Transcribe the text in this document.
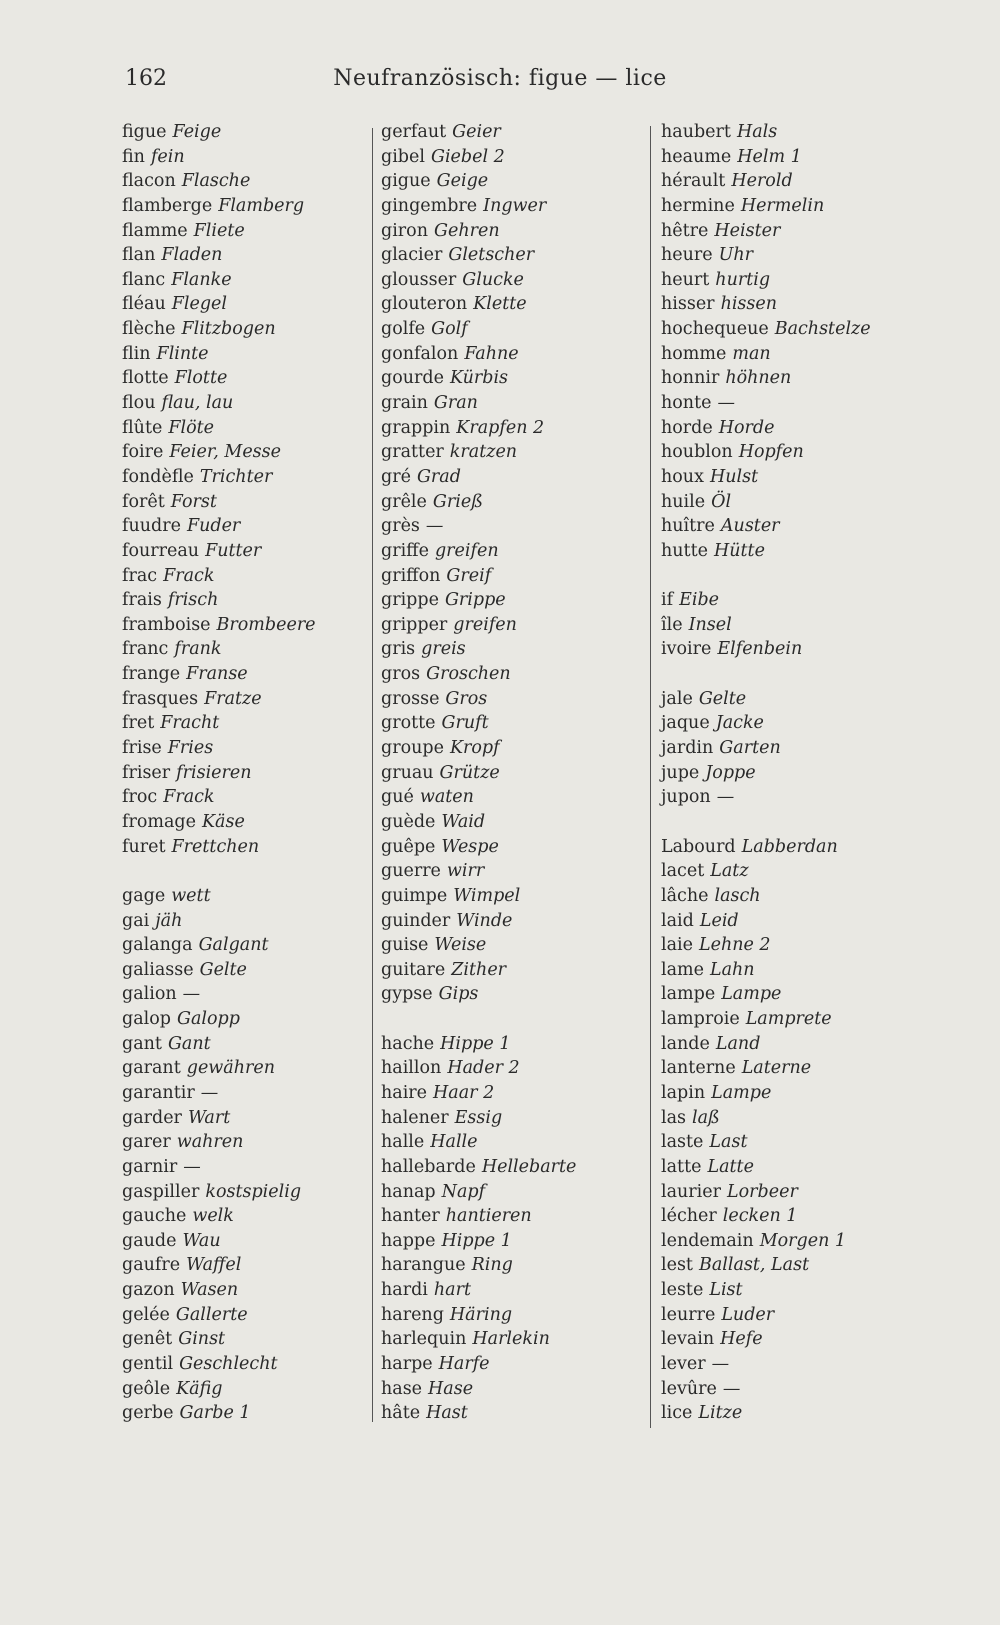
162	Neufranzösisch: figue — lice
figue Feige
fin fein
flacon Flasche
flamberge Flamberg
flamme Fliete
flan Fladen
flanc Flanke
fléau Flegel
flèche Flitzbogen
flin Flinte
flotte Flotte
flou flau, lau
flûte Flöte
foire Feier, Messe
fondèfle Trichter
forêt Forst
fuudre Fuder
fourreau Futter
frac Frack
frais frisch
framboise Brombeere
franc frank
frange Franse
frasques Fratze
fret Fracht
frise Fries
friser frisieren
froc Frack
fromage Käse
furet Frettchen
gage wett
gai jäh
galanga Galgant
galiasse Gelte
galion —
galop Galopp
gant Gant
garant gewähren
garantir —
garder Wart
garer wahren
garnir —
gaspiller kostspielig
gauche welk
gaude Wau
gaufre Waffel
gazon Wasen
gelée Gallerte
genêt Ginst
gentil Geschlecht
geôle Käfig
gerbe Garbe 1
gerfaut Geier
gibel Giebel 2
gigue Geige
gingembre Ingwer
giron Gehren
glacier Gletscher
glousser Glucke
glouteron Klette
golfe Golf
gonfalon Fahne
gourde Kürbis
grain Gran
grappin Krapfen 2
gratter kratzen
gré Grad
grêle Grieß
grès —
griffe greifen
griffon Greif
grippe Grippe
gripper greifen
gris greis
gros Groschen
grosse Gros
grotte Gruft
groupe Kropf
gruau Grütze
gué waten
guède Waid
guêpe Wespe
guerre wirr
guimpe Wimpel
guinder Winde
guise Weise
guitare Zither
gypse Gips
hache Hippe 1
haillon Hader 2
haire Haar 2
halener Essig
halle Halle
hallebarde Hellebarte
hanap Napf
hanter hantieren
happe Hippe 1
harangue Ring
hardi hart
hareng Häring
harlequin Harlekin
harpe Harfe
hase Hase
hâte Hast
haubert Hals
heaume Helm 1
hérault Herold
hermine Hermelin
hêtre Heister
heure Uhr
heurt hurtig
hisser hissen
hochequeue Bachstelze
homme man
honnir höhnen
honte —
horde Horde
houblon Hopfen
houx Hulst
huile Öl
huître Auster
hutte Hütte
if Eibe
île Insel
ivoire Elfenbein
jale Gelte
jaque Jacke
jardin Garten
jupe Joppe
jupon —
Labourd Labberdan
lacet Latz
lâche lasch
laid Leid
laie Lehne 2
lame Lahn
lampe Lampe
lamproie Lamprete
lande Land
lanterne Laterne
lapin Lampe
las laß
laste Last
latte Latte
laurier Lorbeer
lécher lecken 1
lendemain Morgen 1
lest Ballast, Last
leste List
leurre Luder
levain Hefe
lever —
levûre —
lice Litze
